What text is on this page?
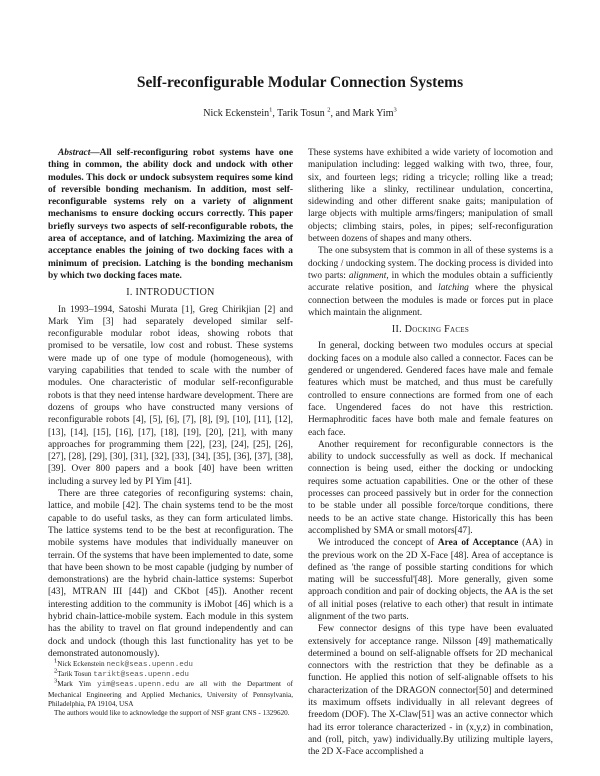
Self-reconfigurable Modular Connection Systems
Nick Eckenstein$^1$, Tarik Tosun $^2$, and Mark Yim$^3$

Abstract—All self-reconfiguring robot systems have one thing in common, the ability dock and undock with other modules. This dock or undock subsystem requires some kind of reversible bonding mechanism. In addition, most self-reconfigurable systems rely on a variety of alignment mechanisms to ensure docking occurs correctly. This paper briefly surveys two aspects of self-reconfigurable robots, the area of acceptance, and of latching. Maximizing the area of acceptance enables the joining of two docking faces with a minimum of precision. Latching is the bonding mechanism by which two docking faces mate.

I. INTRODUCTION

In 1993–1994, Satoshi Murata [1], Greg Chirikjian [2] and Mark Yim [3] had separately developed similar self-reconfigurable modular robot ideas, showing robots that promised to be versatile, low cost and robust. These systems were made up of one type of module (homogeneous), with varying capabilities that tended to scale with the number of modules. One characteristic of modular self-reconfigurable robots is that they need intense hardware development. There are dozens of groups who have constructed many versions of reconfigurable robots [4], [5], [6], [7], [8], [9], [10], [11], [12], [13], [14], [15], [16], [17], [18], [19], [20], [21], with many approaches for programming them [22], [23], [24], [25], [26], [27], [28], [29], [30], [31], [32], [33], [34], [35], [36], [37], [38], [39]. Over 800 papers and a book [40] have been written including a survey led by PI Yim [41].

There are three categories of reconfiguring systems: chain, lattice, and mobile [42]. The chain systems tend to be the most capable to do useful tasks, as they can form articulated limbs. The lattice systems tend to be the best at reconfiguration. The mobile systems have modules that individually maneuver on terrain. Of the systems that have been implemented to date, some that have been shown to be most capable (judging by number of demonstrations) are the hybrid chain-lattice systems: Superbot [43], MTRAN III [44]) and CKbot [45]). Another recent interesting addition to the community is iMobot [46] which is a hybrid chain-lattice-mobile system. Each module in this system has the ability to travel on flat ground independently and can dock and undock (though this last functionality has yet to be demonstrated autonomously).

$^1$Nick Eckenstein neck@seas.upenn.edu

$^2$Tarik Tosun tarikt@seas.upenn.edu

$^3$Mark Yim yim@seas.upenn.edu are all with the Department of Mechanical Engineering and Applied Mechanics, University of Pennsylvania, Philadelphia, PA 19104, USA

The authors would like to acknowledge the support of NSF grant CNS - 1329620.

These systems have exhibited a wide variety of locomotion and manipulation including: legged walking with two, three, four, six, and fourteen legs; riding a tricycle; rolling like a tread; slithering like a slinky, rectilinear undulation, concertina, sidewinding and other different snake gaits; manipulation of large objects with multiple arms/fingers; manipulation of small objects; climbing stairs, poles, in pipes; self-reconfiguration between dozens of shapes and many others.

The one subsystem that is common in all of these systems is a docking / undocking system. The docking process is divided into two parts: alignment, in which the modules obtain a sufficiently accurate relative position, and latching where the physical connection between the modules is made or forces put in place which maintain the alignment.

II. Docking Faces

In general, docking between two modules occurs at special docking faces on a module also called a connector. Faces can be gendered or ungendered. Gendered faces have male and female features which must be matched, and thus must be carefully controlled to ensure connections are formed from one of each face. Ungendered faces do not have this restriction. Hermaphroditic faces have both male and female features on each face.

Another requirement for reconfigurable connectors is the ability to undock successfully as well as dock. If mechanical connection is being used, either the docking or undocking requires some actuation capabilities. One or the other of these processes can proceed passively but in order for the connection to be stable under all possible force/torque conditions, there needs to be an active state change. Historically this has been accomplished by SMA or small motors[47].

We introduced the concept of Area of Acceptance (AA) in the previous work on the 2D X-Face [48]. Area of acceptance is defined as 'the range of possible starting conditions for which mating will be successful'[48]. More generally, given some approach condition and pair of docking objects, the AA is the set of all initial poses (relative to each other) that result in intimate alignment of the two parts.

Few connector designs of this type have been evaluated extensively for acceptance range. Nilsson [49] mathematically determined a bound on self-alignable offsets for 2D mechanical connectors with the restriction that they be definable as a function. He applied this notion of self-alignable offsets to his characterization of the DRAGON connector[50] and determined its maximum offsets individually in all relevant degrees of freedom (DOF). The X-Claw[51] was an active connector which had its error tolerance characterized - in (x,y,z) in combination, and (roll, pitch, yaw) individually.By utilizing multiple layers, the 2D X-Face accomplished a
